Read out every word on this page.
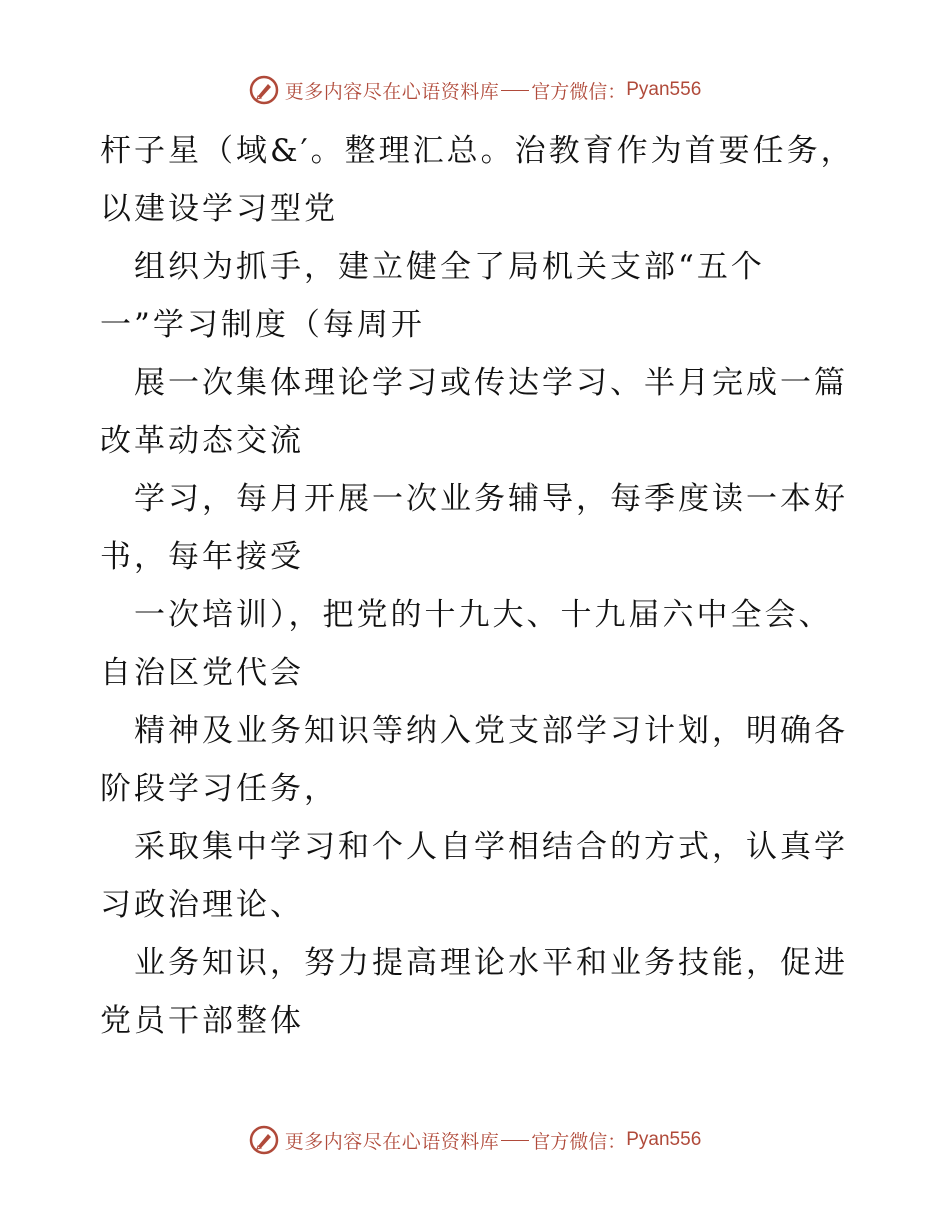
更多内容尽在心语资料库 官方微信： Pyan556
杆子星（域&′。整理汇总。治教育作为首要任务，
以建设学习型党
组织为抓手，建立健全了局机关支部“五个
一”学习制度（每周开
展一次集体理论学习或传达学习、半月完成一篇
改革动态交流
学习，每月开展一次业务辅导，每季度读一本好
书，每年接受
一次培训），把党的十九大、十九届六中全会、
自治区党代会
精神及业务知识等纳入党支部学习计划，明确各
阶段学习任务，
采取集中学习和个人自学相结合的方式，认真学
习政治理论、
业务知识，努力提高理论水平和业务技能，促进
党员干部整体
更多内容尽在心语资料库 官方微信： Pyan556
